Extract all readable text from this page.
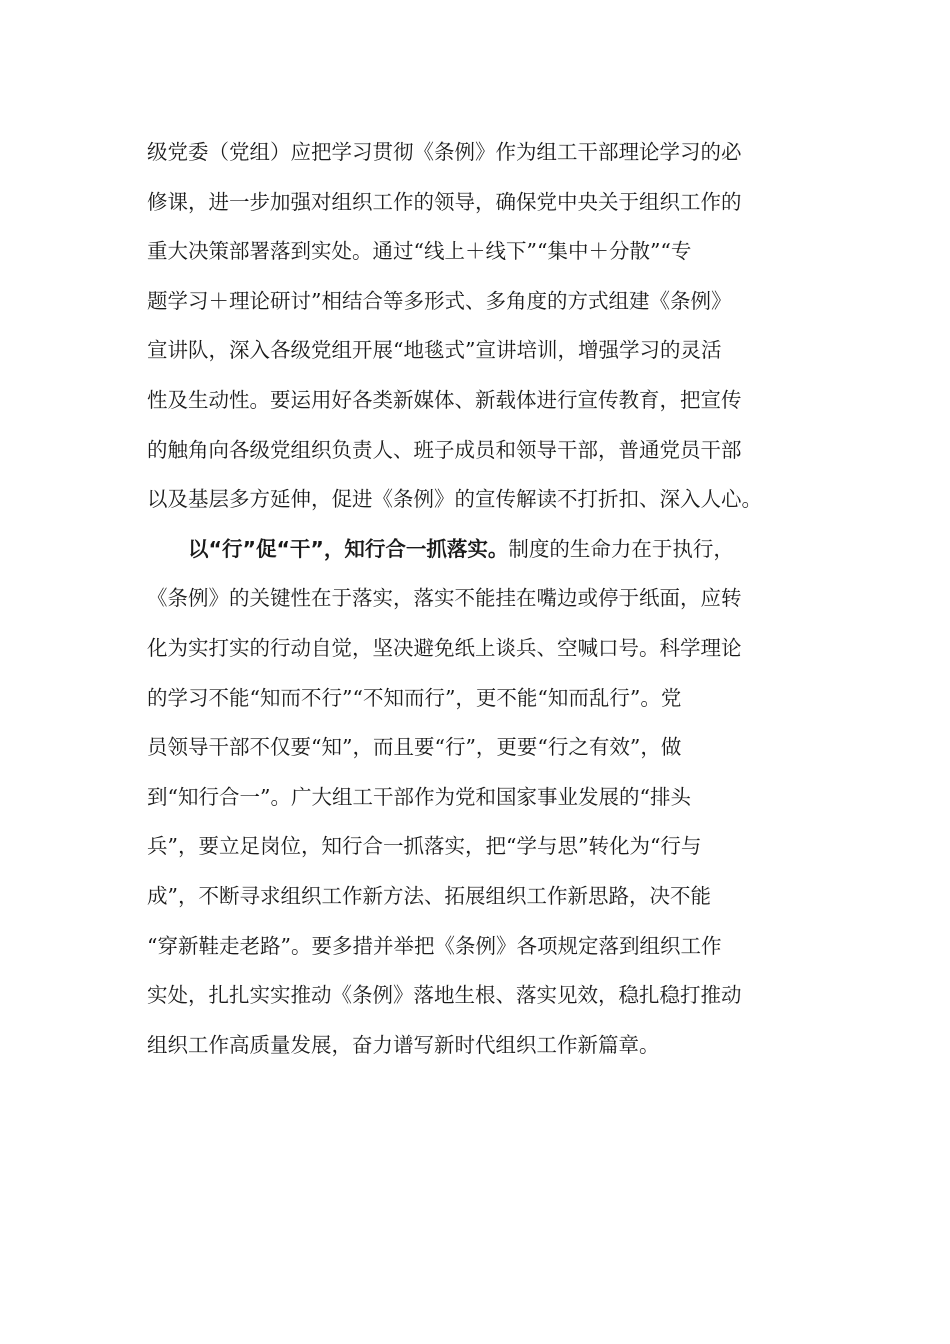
级党委（党组）应把学习贯彻《条例》作为组工干部理论学习的必
修课，进一步加强对组织工作的领导，确保党中央关于组织工作的
重大决策部署落到实处。通过“线上＋线下”“集中＋分散”“专
题学习＋理论研讨”相结合等多形式、多角度的方式组建《条例》
宣讲队，深入各级党组开展“地毯式”宣讲培训，增强学习的灵活
性及生动性。要运用好各类新媒体、新载体进行宣传教育，把宣传
的触角向各级党组织负责人、班子成员和领导干部，普通党员干部
以及基层多方延伸，促进《条例》的宣传解读不打折扣、深入人心。
以“行”促“干”，知行合一抓落实。制度的生命力在于执行，
《条例》的关键性在于落实，落实不能挂在嘴边或停于纸面，应转
化为实打实的行动自觉，坚决避免纸上谈兵、空喊口号。科学理论
的学习不能“知而不行”“不知而行”，更不能“知而乱行”。党
员领导干部不仅要“知”，而且要“行”，更要“行之有效”，做
到“知行合一”。广大组工干部作为党和国家事业发展的“排头
兵”，要立足岗位，知行合一抓落实，把“学与思”转化为“行与
成”，不断寻求组织工作新方法、拓展组织工作新思路，决不能
“穿新鞋走老路”。要多措并举把《条例》各项规定落到组织工作
实处，扎扎实实推动《条例》落地生根、落实见效，稳扎稳打推动
组织工作高质量发展，奋力谱写新时代组织工作新篇章。
